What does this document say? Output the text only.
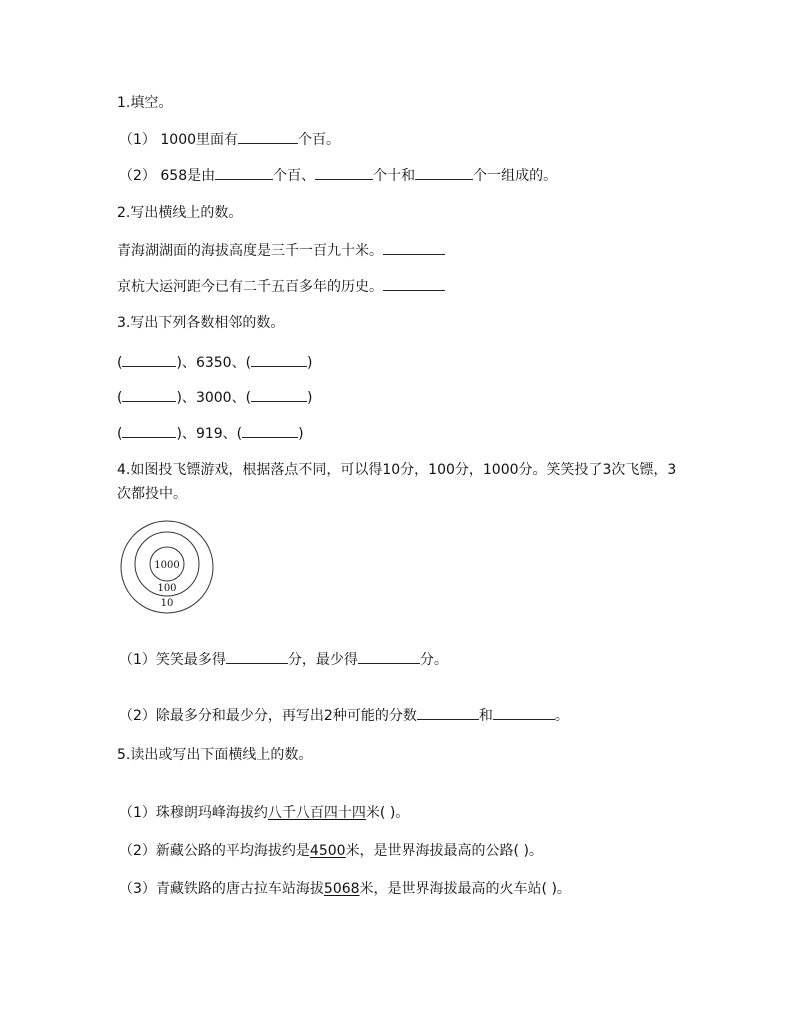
1.填空。
（1） 1000里面有	个百。
（2） 658是由	个百、	个十和	个一组成的。
2.写出横线上的数。
青海湖湖面的海拔高度是三千一百九十米。
京杭大运河距今已有二千五百多年的历史。
3.写出下列各数相邻的数。
(	)、6350、(	)
(	)、3000、(	)
(	)、919、(	)
4.如图投飞镖游戏，根据落点不同，可以得10分，100分，1000分。笑笑投了3次飞镖，3次都投中。
1000
100
10
（1）笑笑最多得	分，最少得	分。
（2）除最多分和最少分，再写出2种可能的分数	和	。
5.读出或写出下面横线上的数。
（1）珠穆朗玛峰海拔约八千八百四十四米( )。
（2）新藏公路的平均海拔约是4500米，是世界海拔最高的公路( )。
（3）青藏铁路的唐古拉车站海拔5068米，是世界海拔最高的火车站( )。
